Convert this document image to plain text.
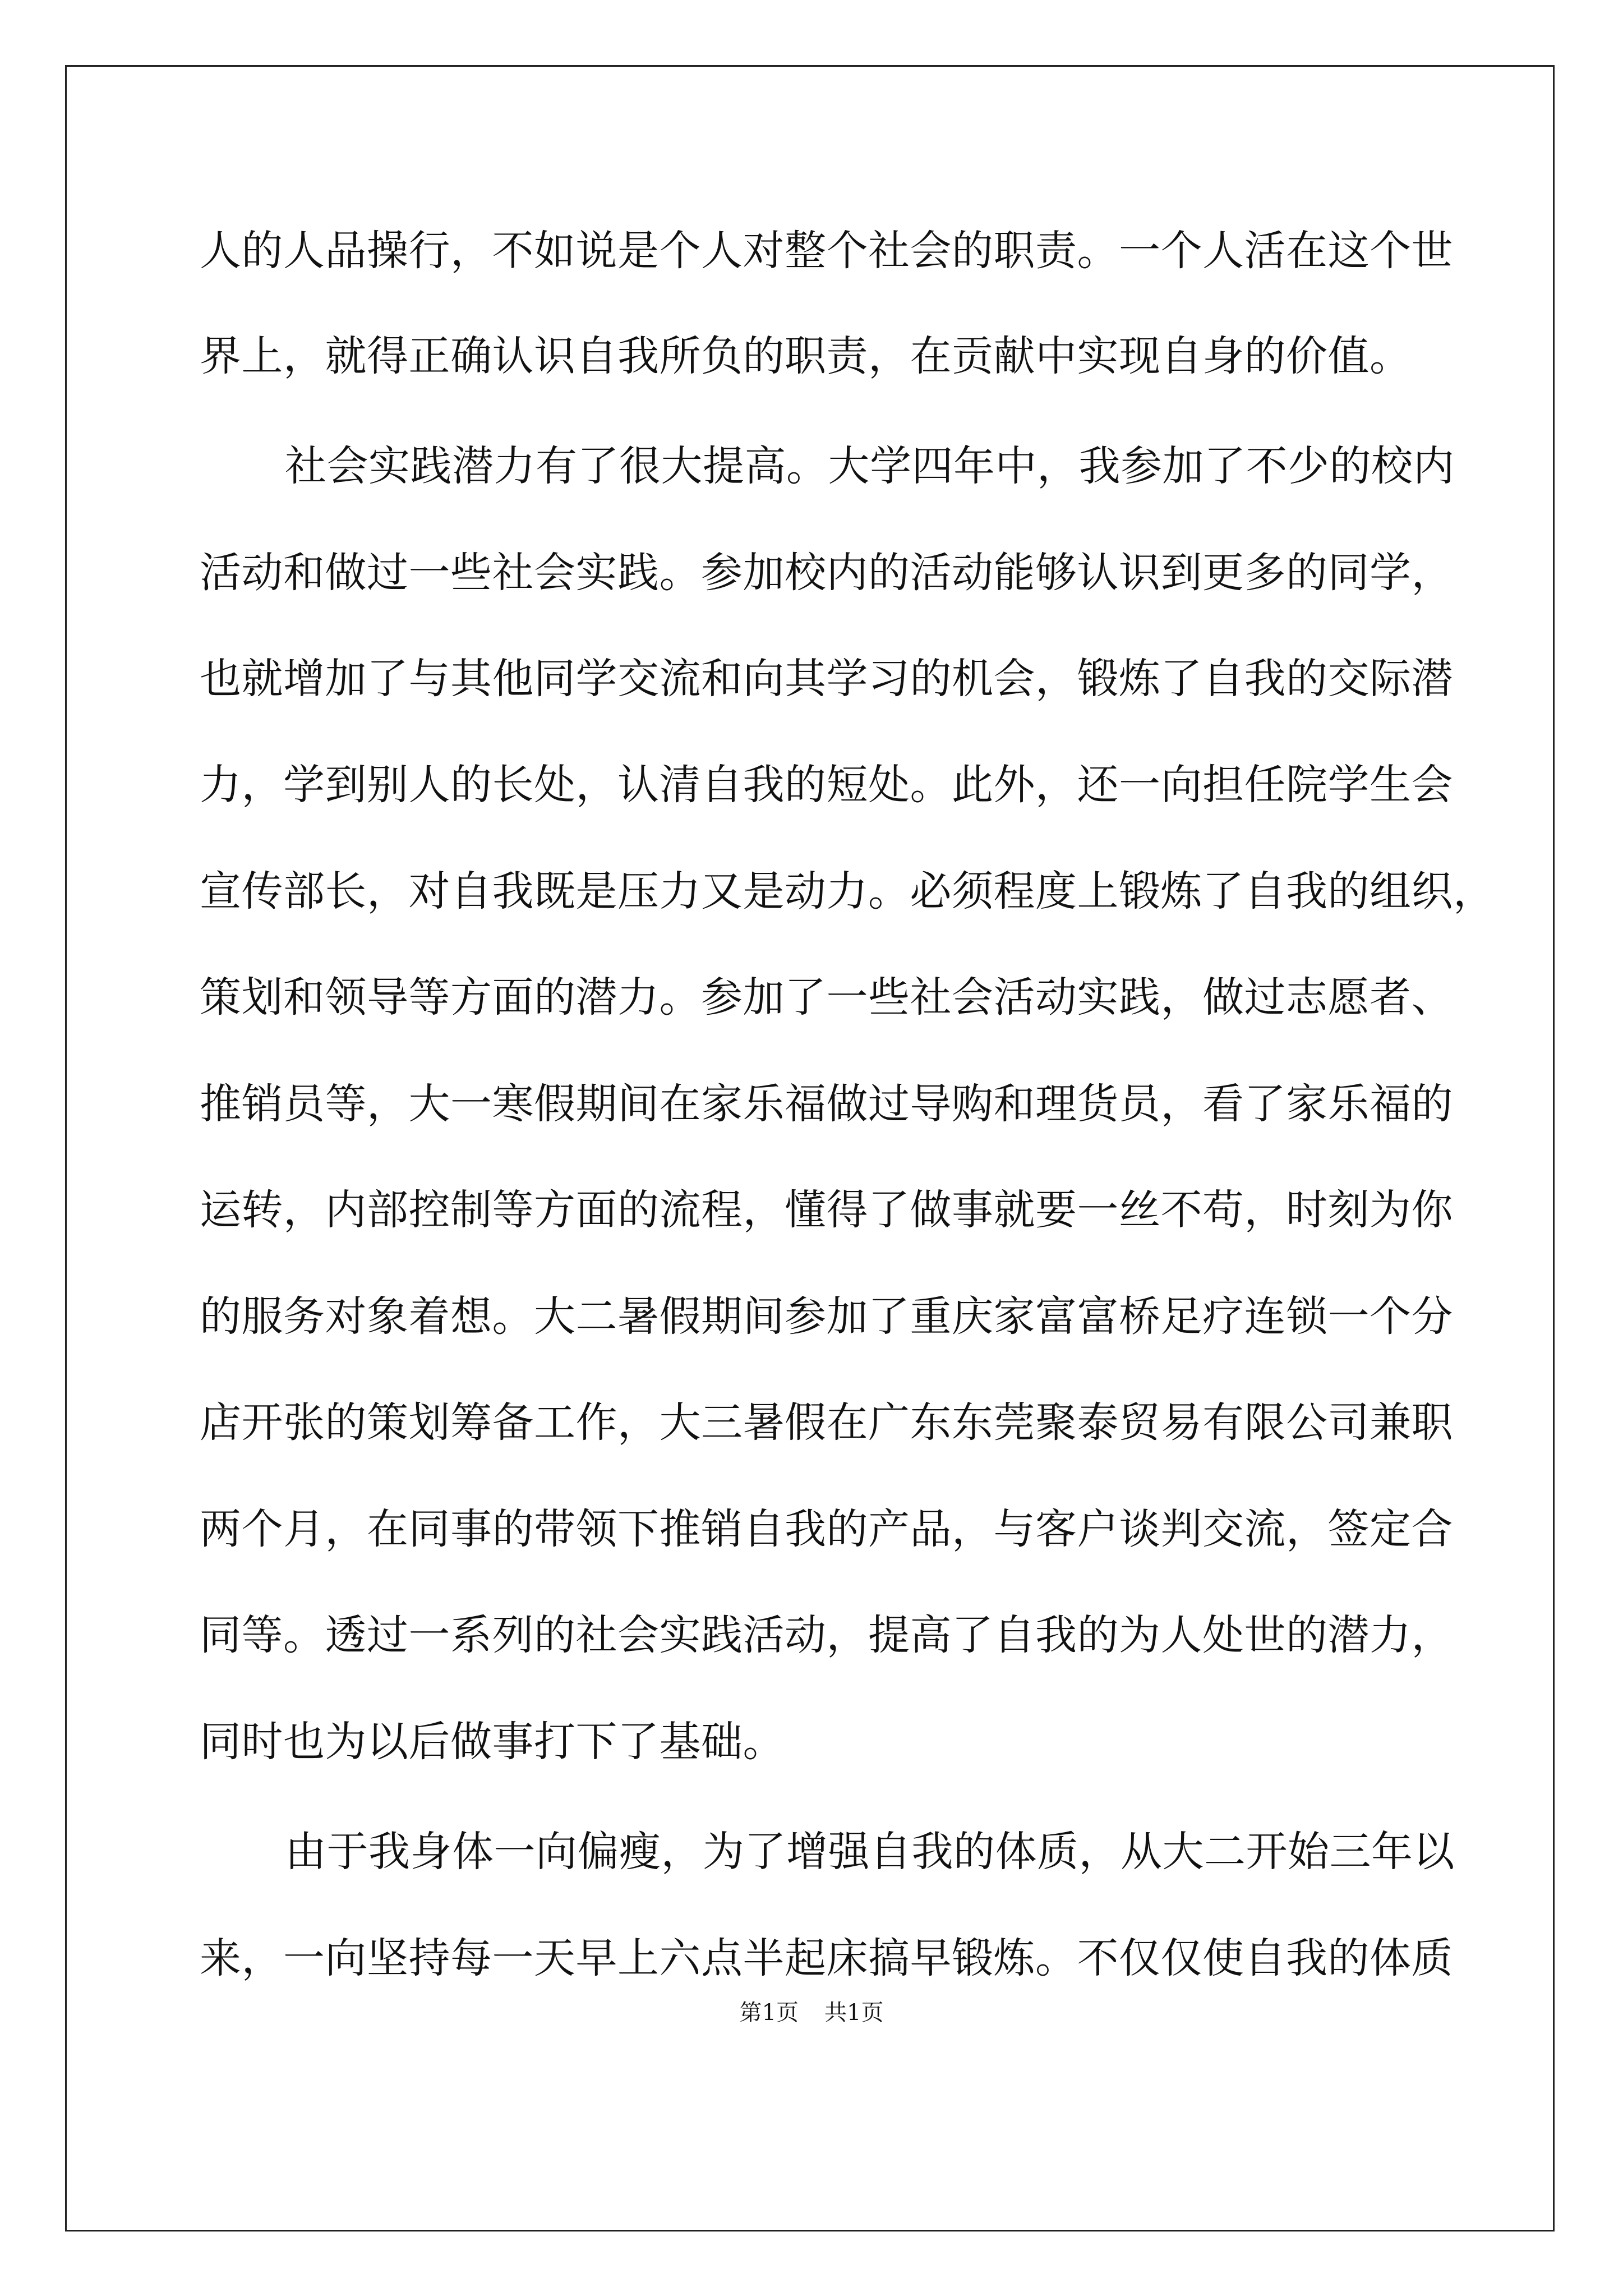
人的人品操行，不如说是个人对整个社会的职责。一个人活在这个世
界上，就得正确认识自我所负的职责，在贡献中实现自身的价值。
社会实践潜力有了很大提高。大学四年中，我参加了不少的校内
活动和做过一些社会实践。参加校内的活动能够认识到更多的同学，
也就增加了与其他同学交流和向其学习的机会，锻炼了自我的交际潜
力，学到别人的长处，认清自我的短处。此外，还一向担任院学生会
宣传部长，对自我既是压力又是动力。必须程度上锻炼了自我的组织，
策划和领导等方面的潜力。参加了一些社会活动实践，做过志愿者、
推销员等，大一寒假期间在家乐福做过导购和理货员，看了家乐福的
运转，内部控制等方面的流程，懂得了做事就要一丝不苟，时刻为你
的服务对象着想。大二暑假期间参加了重庆家富富桥足疗连锁一个分
店开张的策划筹备工作，大三暑假在广东东莞聚泰贸易有限公司兼职
两个月，在同事的带领下推销自我的产品，与客户谈判交流，签定合
同等。透过一系列的社会实践活动，提高了自我的为人处世的潜力，
同时也为以后做事打下了基础。
由于我身体一向偏瘦，为了增强自我的体质，从大二开始三年以
来，一向坚持每一天早上六点半起床搞早锻炼。不仅仅使自我的体质
第1页 共1页
